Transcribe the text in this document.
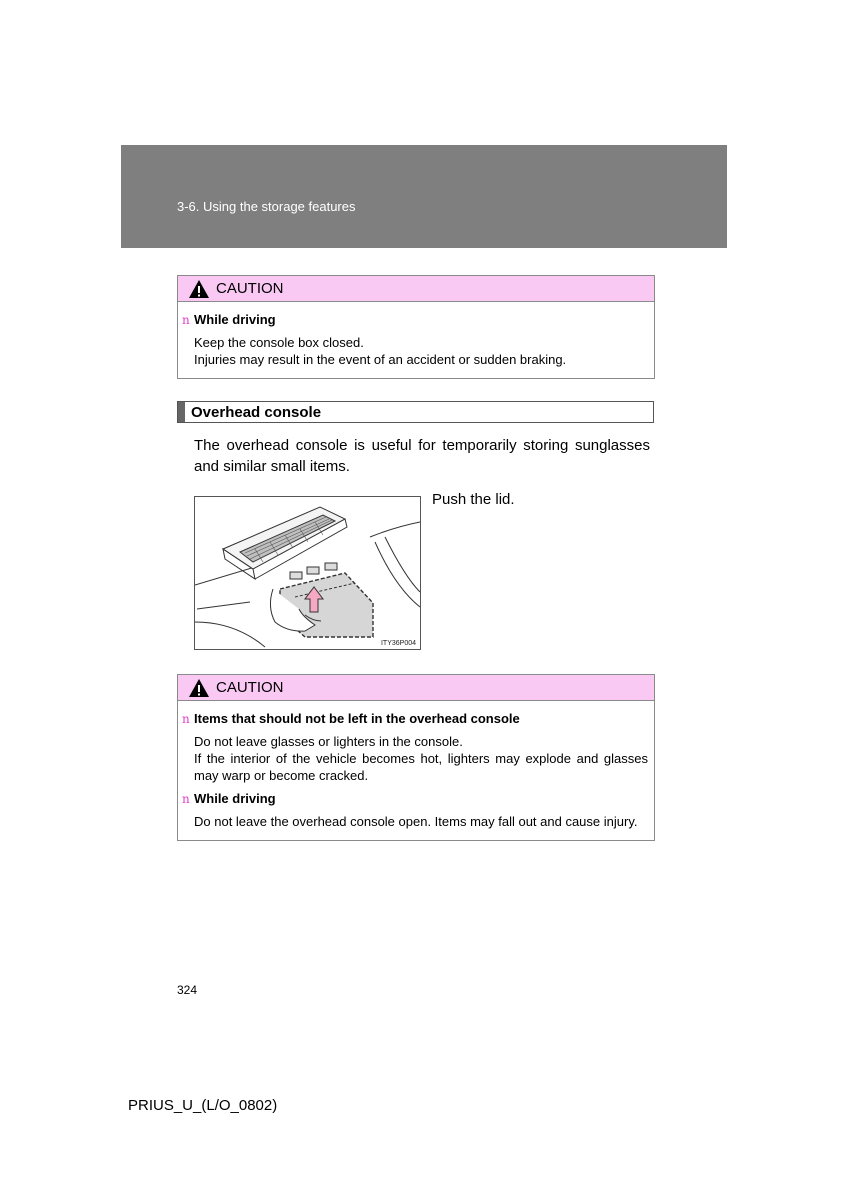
3-6. Using the storage features
CAUTION
n While driving

Keep the console box closed.

Injuries may result in the event of an accident or sudden braking.

Overhead console
The overhead console is useful for temporarily storing sunglasses and similar small items.
ITY36P004
Push the lid.
CAUTION
n Items that should not be left in the overhead console

Do not leave glasses or lighters in the console.

If the interior of the vehicle becomes hot, lighters may explode and glasses may warp or become cracked.

n While driving

Do not leave the overhead console open. Items may fall out and cause injury.

324
PRIUS_U_(L/O_0802)
